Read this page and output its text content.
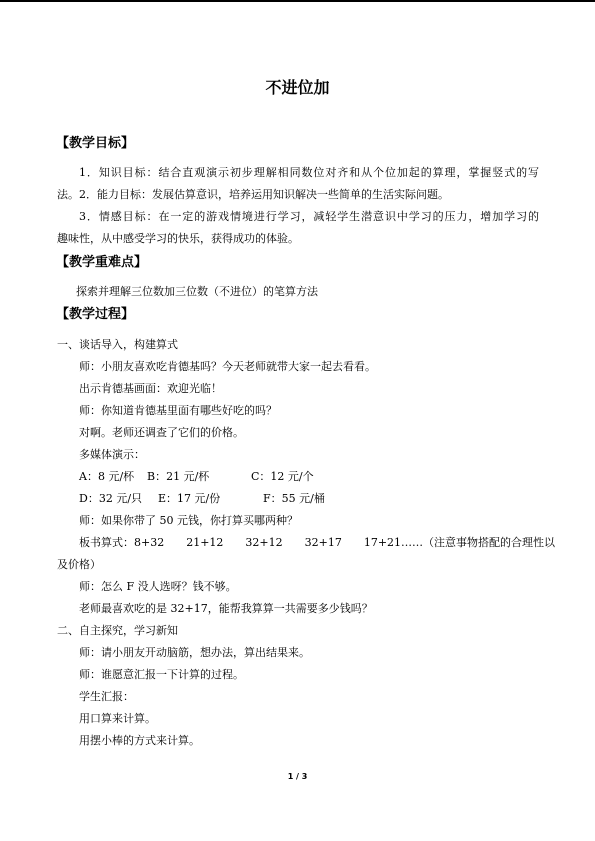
不进位加
【教学目标】
1．知识目标：结合直观演示初步理解相同数位对齐和从个位加起的算理，掌握竖式的写
法。2．能力目标：发展估算意识，培养运用知识解决一些简单的生活实际问题。
3．情感目标：在一定的游戏情境进行学习，减轻学生潜意识中学习的压力，增加学习的
趣味性，从中感受学习的快乐，获得成功的体验。
【教学重难点】
探索并理解三位数加三位数（不进位）的笔算方法
【教学过程】
一、谈话导入，构建算式
师：小朋友喜欢吃肯德基吗？今天老师就带大家一起去看看。
出示肯德基画面：欢迎光临！
师：你知道肯德基里面有哪些好吃的吗？
对啊。老师还调查了它们的价格。
多媒体演示：
A：8 元/杯 B：21 元/杯	C：12 元/个
D：32 元/只 E：17 元/份	F：55 元/桶
师：如果你带了 50 元钱，你打算买哪两种？
板书算式：8+32　　21+12　　32+12　　32+17　　17+21……（注意事物搭配的合理性以
及价格）
师：怎么 F 没人选呀？钱不够。
老师最喜欢吃的是 32+17，能帮我算算一共需要多少钱吗？
二、自主探究，学习新知
师：请小朋友开动脑筋，想办法，算出结果来。
师：谁愿意汇报一下计算的过程。
学生汇报：
用口算来计算。
用摆小棒的方式来计算。
1 / 3
